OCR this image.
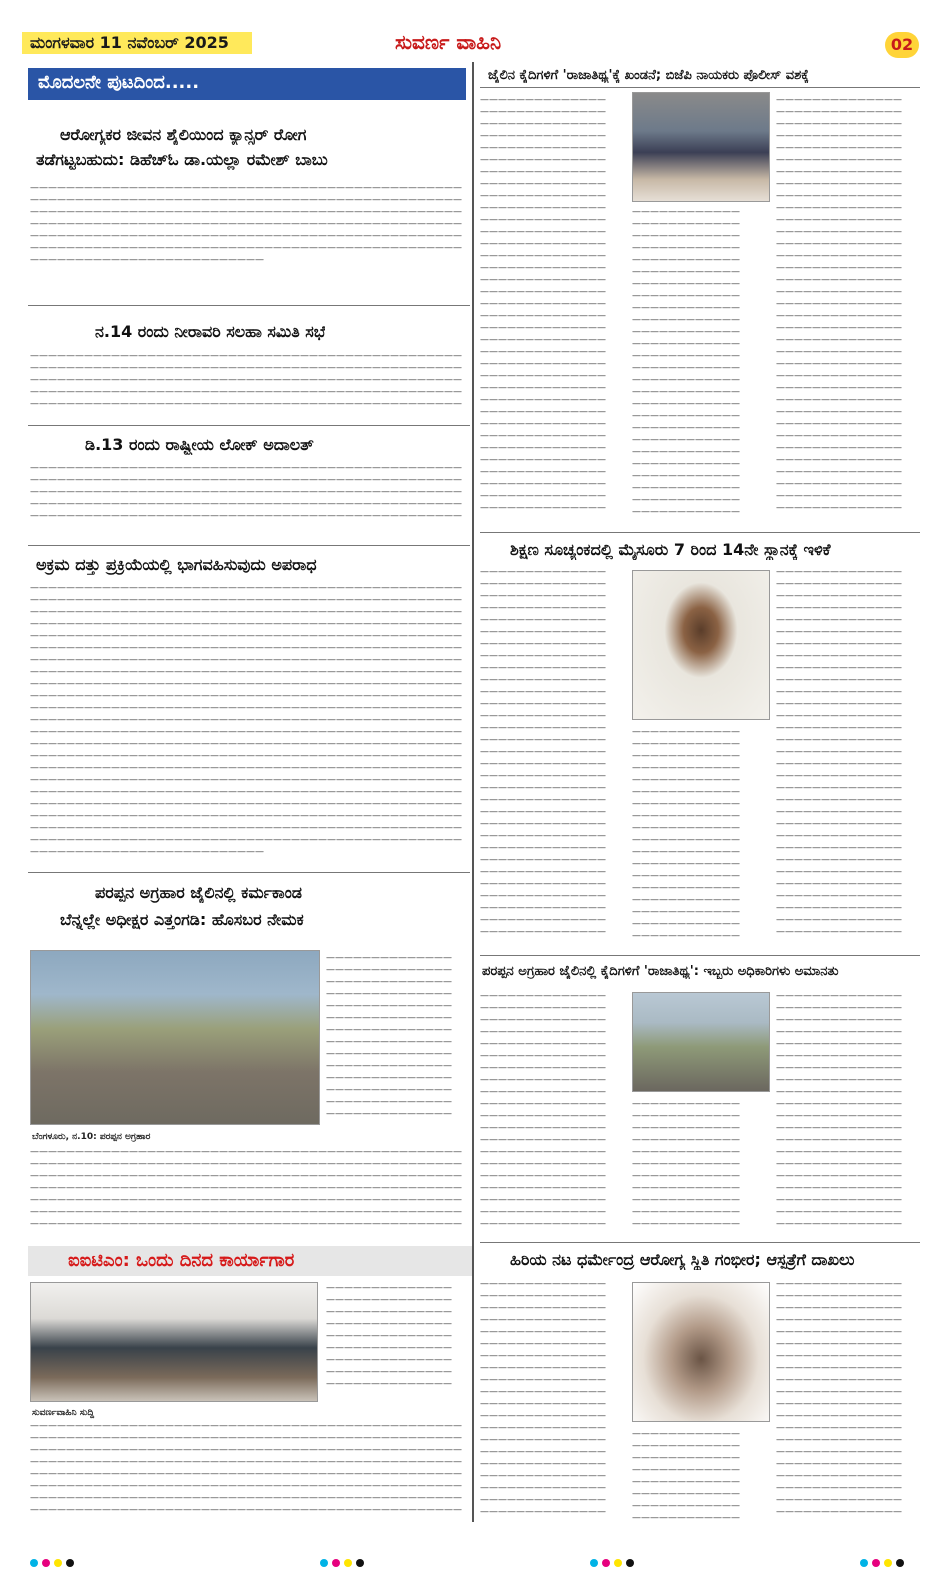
ಮಂಗಳವಾರ 11 ನವೆಂಬರ್ 2025	ಸುವರ್ಣ ವಾಹಿನಿ	02
ಮೊದಲನೇ ಪುಟದಿಂದ.....
ಆರೋಗ್ಯಕರ ಜೀವನ ಶೈಲಿಯಿಂದ ಕ್ಯಾನ್ಸರ್ ರೋಗ
ತಡೆಗಟ್ಟಬಹುದು: ಡಿಹೆಚ್‌ಓ ಡಾ.ಯಲ್ಲಾ ರಮೇಶ್ ಬಾಬು
————————————————————————————————————————————————
————————————————————————————————————————————————
————————————————————————————————————————————————
————————————————————————————————————————————————
————————————————————————————————————————————————
————————————————————————————————————————————————
——————————————————————————
ನ.14 ರಂದು ನೀರಾವರಿ ಸಲಹಾ ಸಮಿತಿ ಸಭೆ
————————————————————————————————————————————————
————————————————————————————————————————————————
————————————————————————————————————————————————
————————————————————————————————————————————————
————————————————————————————————————————————————
ಡಿ.13 ರಂದು ರಾಷ್ಟ್ರೀಯ ಲೋಕ್ ಅದಾಲತ್
————————————————————————————————————————————————
————————————————————————————————————————————————
————————————————————————————————————————————————
————————————————————————————————————————————————
————————————————————————————————————————————————
ಅಕ್ರಮ ದತ್ತು ಪ್ರಕ್ರಿಯೆಯಲ್ಲಿ ಭಾಗವಹಿಸುವುದು ಅಪರಾಧ
————————————————————————————————————————————————
————————————————————————————————————————————————
————————————————————————————————————————————————
————————————————————————————————————————————————
————————————————————————————————————————————————
————————————————————————————————————————————————
————————————————————————————————————————————————
————————————————————————————————————————————————
————————————————————————————————————————————————
————————————————————————————————————————————————
————————————————————————————————————————————————
————————————————————————————————————————————————
————————————————————————————————————————————————
————————————————————————————————————————————————
————————————————————————————————————————————————
————————————————————————————————————————————————
————————————————————————————————————————————————
————————————————————————————————————————————————
————————————————————————————————————————————————
————————————————————————————————————————————————
————————————————————————————————————————————————
————————————————————————————————————————————————
——————————————————————————
ಪರಪ್ಪನ ಅಗ್ರಹಾರ ಜೈಲಿನಲ್ಲಿ ಕರ್ಮಕಾಂಡ
ಬೆನ್ನಲ್ಲೇ ಅಧೀಕ್ಷರ ಎತ್ತಂಗಡಿ: ಹೊಸಬರ ನೇಮಕ
ಬೆಂಗಳೂರು, ನ.10: ಪರಪ್ಪನ ಅಗ್ರಹಾರ
——————————————
——————————————
——————————————
——————————————
——————————————
——————————————
——————————————
——————————————
——————————————
——————————————
——————————————
——————————————
——————————————
——————————————
————————————————————————————————————————————————
————————————————————————————————————————————————
————————————————————————————————————————————————
————————————————————————————————————————————————
————————————————————————————————————————————————
————————————————————————————————————————————————
————————————————————————————————————————————————
ಐಐಟಿಎಂ: ಒಂದು ದಿನದ ಕಾರ್ಯಾಗಾರ
ಸುವರ್ಣವಾಹಿನಿ ಸುದ್ದಿ
——————————————
——————————————
——————————————
——————————————
——————————————
——————————————
——————————————
——————————————
——————————————
————————————————————————————————————————————————
————————————————————————————————————————————————
————————————————————————————————————————————————
————————————————————————————————————————————————
————————————————————————————————————————————————
————————————————————————————————————————————————
————————————————————————————————————————————————
————————————————————————————————————————————————
ಜೈಲಿನ ಕೈದಿಗಳಿಗೆ 'ರಾಜಾತಿಥ್ಯ'ಕ್ಕೆ ಖಂಡನೆ; ಬಿಜೆಪಿ ನಾಯಕರು ಪೊಲೀಸ್ ವಶಕ್ಕೆ
——————————————
——————————————
——————————————
——————————————
——————————————
——————————————
——————————————
——————————————
——————————————
——————————————
——————————————
——————————————
——————————————
——————————————
——————————————
——————————————
——————————————
——————————————
——————————————
——————————————
——————————————
——————————————
——————————————
——————————————
——————————————
——————————————
——————————————
——————————————
——————————————
——————————————
——————————————
——————————————
——————————————
——————————————
——————————————
————————————
————————————
————————————
————————————
————————————
————————————
————————————
————————————
————————————
————————————
————————————
————————————
————————————
————————————
————————————
————————————
————————————
————————————
————————————
————————————
————————————
————————————
————————————
————————————
————————————
————————————
——————————————
——————————————
——————————————
——————————————
——————————————
——————————————
——————————————
——————————————
——————————————
——————————————
——————————————
——————————————
——————————————
——————————————
——————————————
——————————————
——————————————
——————————————
——————————————
——————————————
——————————————
——————————————
——————————————
——————————————
——————————————
——————————————
——————————————
——————————————
——————————————
——————————————
——————————————
——————————————
——————————————
——————————————
——————————————
ಶಿಕ್ಷಣ ಸೂಚ್ಯಂಕದಲ್ಲಿ ಮೈಸೂರು 7 ರಿಂದ 14ನೇ ಸ್ಥಾನಕ್ಕೆ ಇಳಿಕೆ
——————————————
——————————————
——————————————
——————————————
——————————————
——————————————
——————————————
——————————————
——————————————
——————————————
——————————————
——————————————
——————————————
——————————————
——————————————
——————————————
——————————————
——————————————
——————————————
——————————————
——————————————
——————————————
——————————————
——————————————
——————————————
——————————————
——————————————
——————————————
——————————————
——————————————
——————————————
————————————
————————————
————————————
————————————
————————————
————————————
————————————
————————————
————————————
————————————
————————————
————————————
————————————
————————————
————————————
————————————
————————————
————————————
——————————————
——————————————
——————————————
——————————————
——————————————
——————————————
——————————————
——————————————
——————————————
——————————————
——————————————
——————————————
——————————————
——————————————
——————————————
——————————————
——————————————
——————————————
——————————————
——————————————
——————————————
——————————————
——————————————
——————————————
——————————————
——————————————
——————————————
——————————————
——————————————
——————————————
——————————————
ಪರಪ್ಪನ ಅಗ್ರಹಾರ ಜೈಲಿನಲ್ಲಿ ಕೈದಿಗಳಿಗೆ 'ರಾಜಾತಿಥ್ಯ': ಇಬ್ಬರು ಅಧಿಕಾರಿಗಳು ಅಮಾನತು
——————————————
——————————————
——————————————
——————————————
——————————————
——————————————
——————————————
——————————————
——————————————
——————————————
——————————————
——————————————
——————————————
——————————————
——————————————
——————————————
——————————————
——————————————
——————————————
——————————————
————————————
————————————
————————————
————————————
————————————
————————————
————————————
————————————
————————————
————————————
————————————
——————————————
——————————————
——————————————
——————————————
——————————————
——————————————
——————————————
——————————————
——————————————
——————————————
——————————————
——————————————
——————————————
——————————————
——————————————
——————————————
——————————————
——————————————
——————————————
——————————————
ಹಿರಿಯ ನಟ ಧರ್ಮೇಂದ್ರ ಆರೋಗ್ಯ ಸ್ಥಿತಿ ಗಂಭೀರ; ಆಸ್ಪತ್ರೆಗೆ ದಾಖಲು
——————————————
——————————————
——————————————
——————————————
——————————————
——————————————
——————————————
——————————————
——————————————
——————————————
——————————————
——————————————
——————————————
——————————————
——————————————
——————————————
——————————————
——————————————
——————————————
——————————————
————————————
————————————
————————————
————————————
————————————
————————————
————————————
————————————
——————————————
——————————————
——————————————
——————————————
——————————————
——————————————
——————————————
——————————————
——————————————
——————————————
——————————————
——————————————
——————————————
——————————————
——————————————
——————————————
——————————————
——————————————
——————————————
——————————————
